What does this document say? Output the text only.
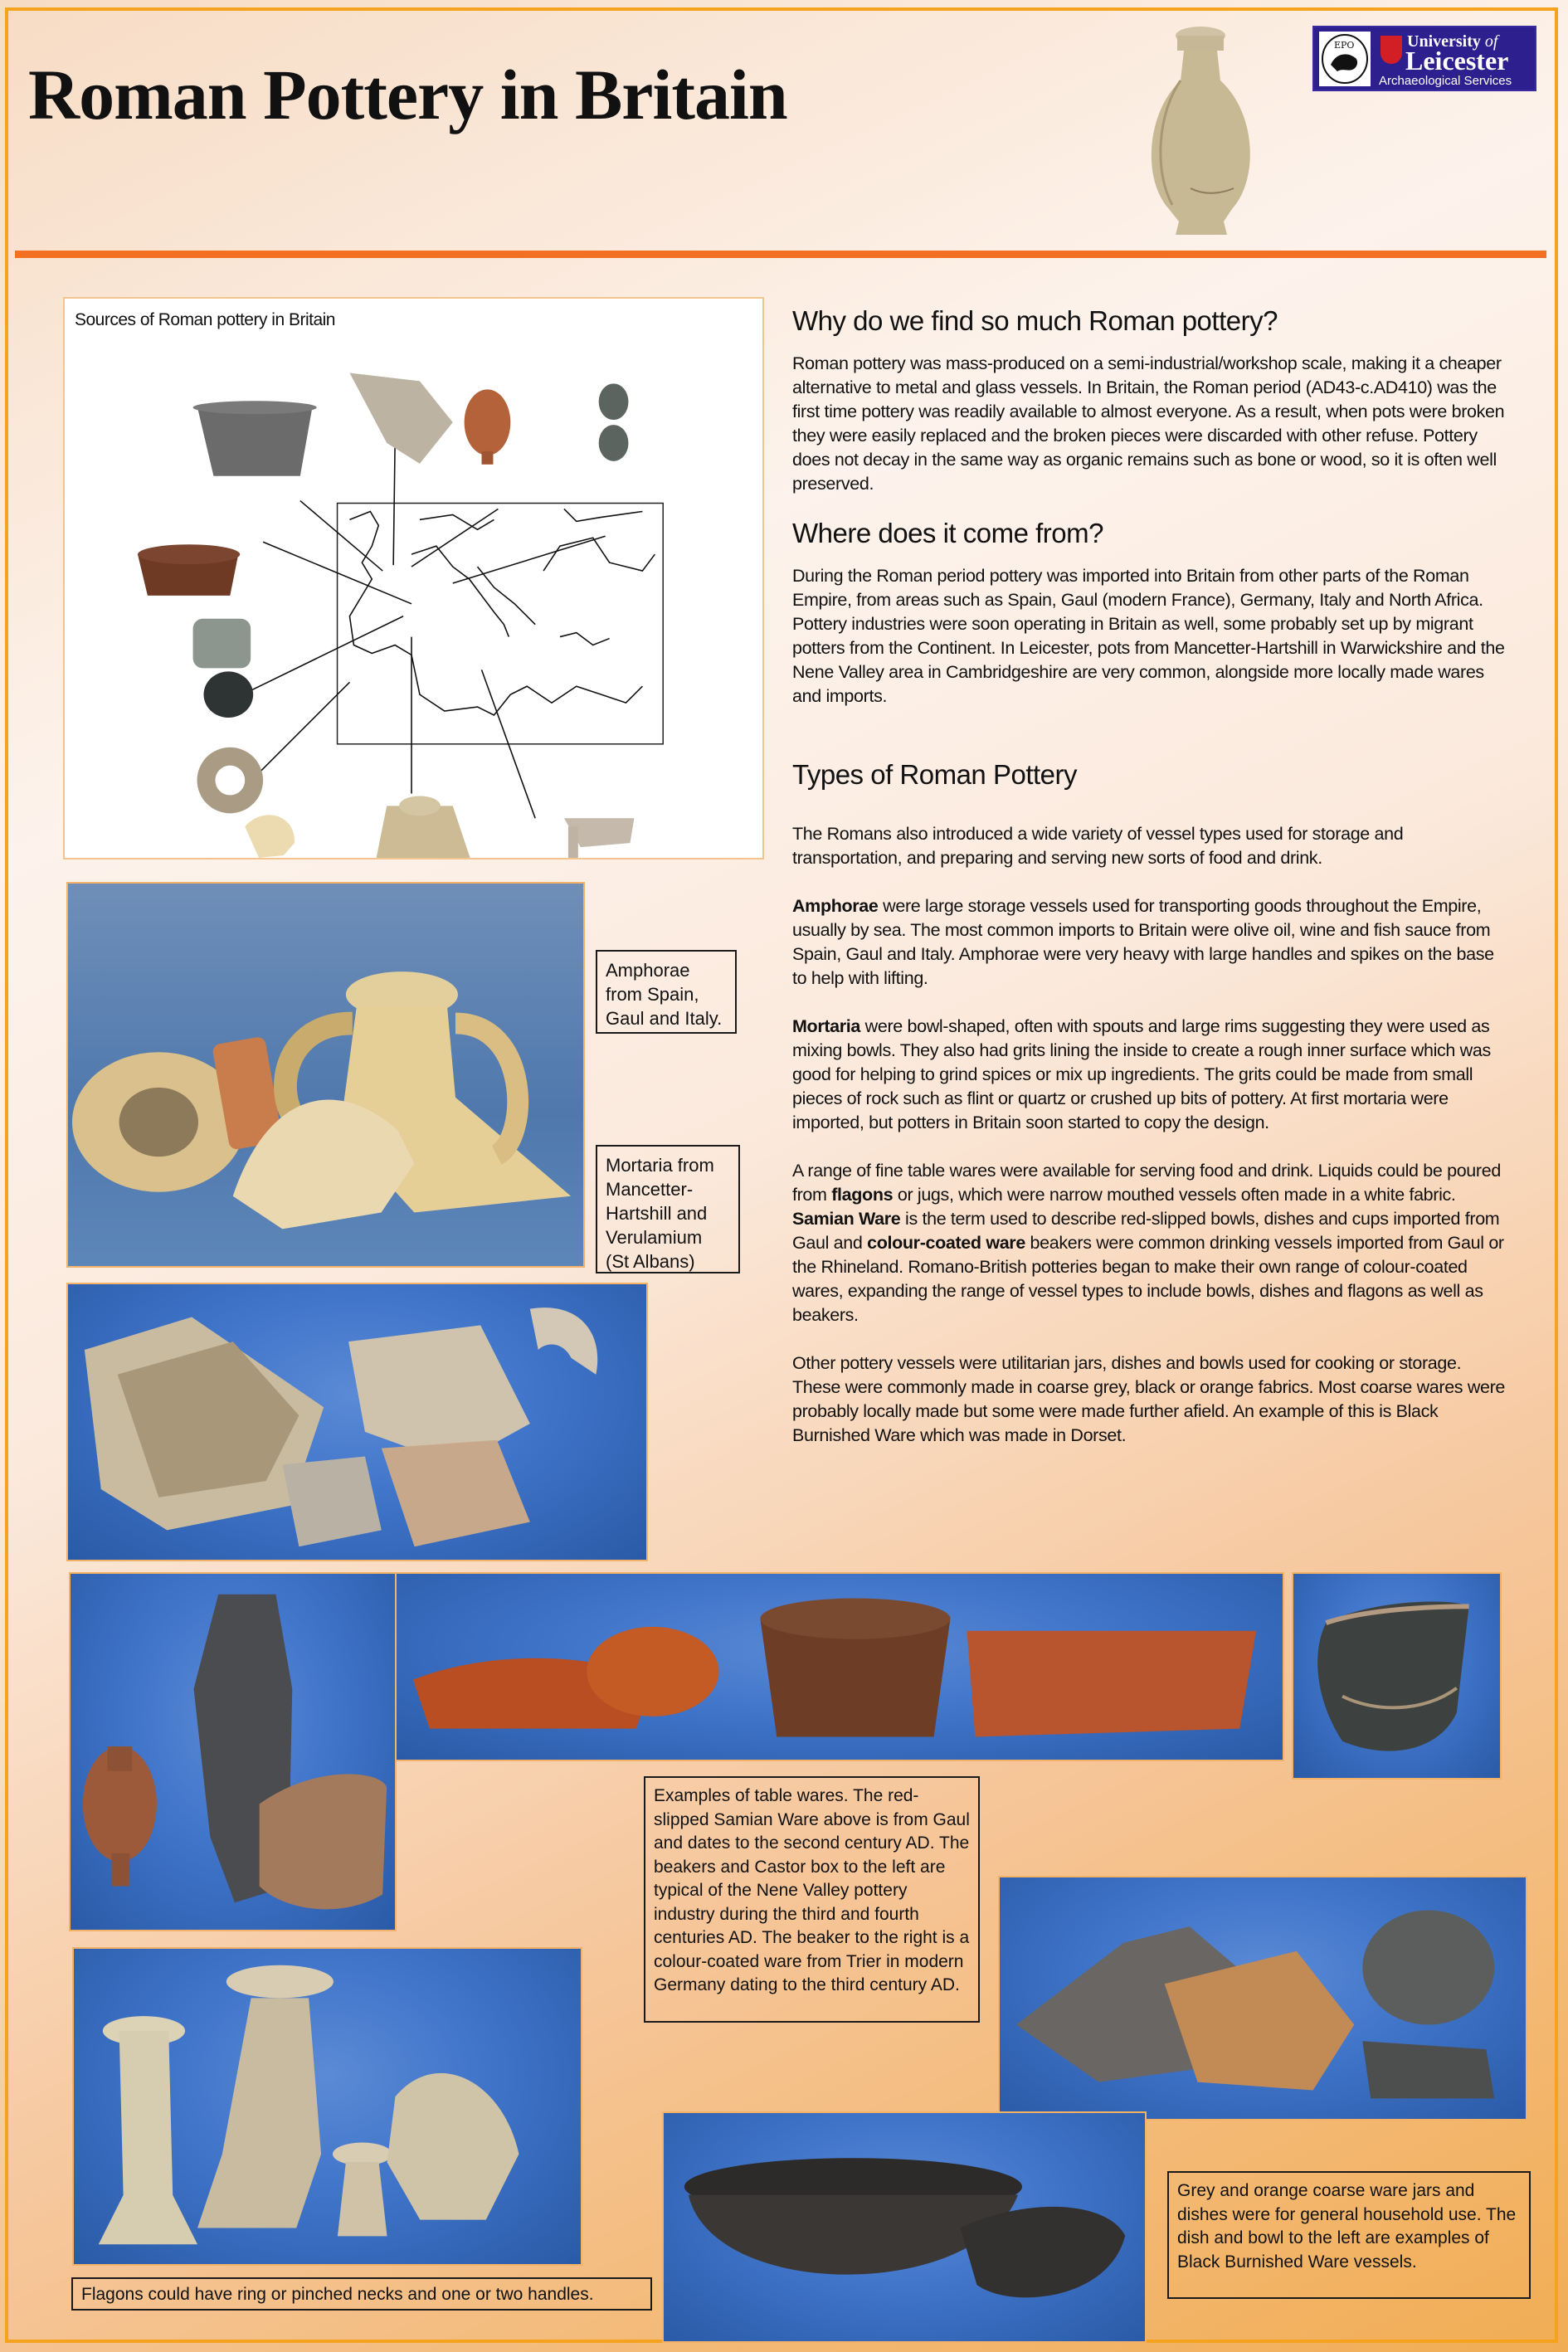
Roman Pottery in Britain
ΕΡΟ	University of
Leicester
Archaeological Services
Sources of Roman pottery in Britain	Why do we find so much Roman pottery?

Roman pottery was mass-produced on a semi-industrial/workshop scale, making it a cheaper alternative to metal and glass vessels. In Britain, the Roman period (AD43-c.AD410) was the first time pottery was readily available to almost everyone. As a result, when pots were broken they were easily replaced and the broken pieces were discarded with other refuse. Pottery does not decay in the same way as organic remains such as bone or wood, so it is often well preserved.

Where does it come from?

During the Roman period pottery was imported into Britain from other parts of the Roman Empire, from areas such as Spain, Gaul (modern France), Germany, Italy and North Africa. Pottery industries were soon operating in Britain as well, some probably set up by migrant potters from the Continent. In Leicester, pots from Mancetter-Hartshill in Warwickshire and the Nene Valley area in Cambridgeshire are very common, alongside more locally made wares and imports.

Types of Roman Pottery

The Romans also introduced a wide variety of vessel types used for storage and transportation, and preparing and serving new sorts of food and drink.

Amphorae were large storage vessels used for transporting goods throughout the Empire, usually by sea. The most common imports to Britain were olive oil, wine and fish sauce from Spain, Gaul and Italy. Amphorae were very heavy with large handles and spikes on the base to help with lifting.

Mortaria were bowl-shaped, often with spouts and large rims suggesting they were used as mixing bowls. They also had grits lining the inside to create a rough inner surface which was good for helping to grind spices or mix up ingredients. The grits could be made from small pieces of rock such as flint or quartz or crushed up bits of pottery. At first mortaria were imported, but potters in Britain soon started to copy the design.

A range of fine table wares were available for serving food and drink. Liquids could be poured from flagons or jugs, which were narrow mouthed vessels often made in a white fabric. Samian Ware is the term used to describe red-slipped bowls, dishes and cups imported from Gaul and colour-coated ware beakers were common drinking vessels imported from Gaul or the Rhineland. Romano-British potteries began to make their own range of colour-coated wares, expanding the range of vessel types to include bowls, dishes and flagons as well as beakers.

Other pottery vessels were utilitarian jars, dishes and bowls used for cooking or storage. These were commonly made in coarse grey, black or orange fabrics. Most coarse wares were probably locally made but some were made further afield. An example of this is Black Burnished Ware which was made in Dorset.

Amphorae from Spain, Gaul and Italy.
Mortaria from Mancetter-Hartshill and Verulamium (St Albans)
Examples of table wares. The red-slipped Samian Ware above is from Gaul and dates to the second century AD. The beakers and Castor box to the left are typical of the Nene Valley pottery industry during the third and fourth centuries AD. The beaker to the right is a colour-coated ware from Trier in modern Germany dating to the third century AD.
Grey and orange coarse ware jars and dishes were for general household use. The dish and bowl to the left are examples of Black Burnished Ware vessels.
Flagons could have ring or pinched necks and one or two handles.
